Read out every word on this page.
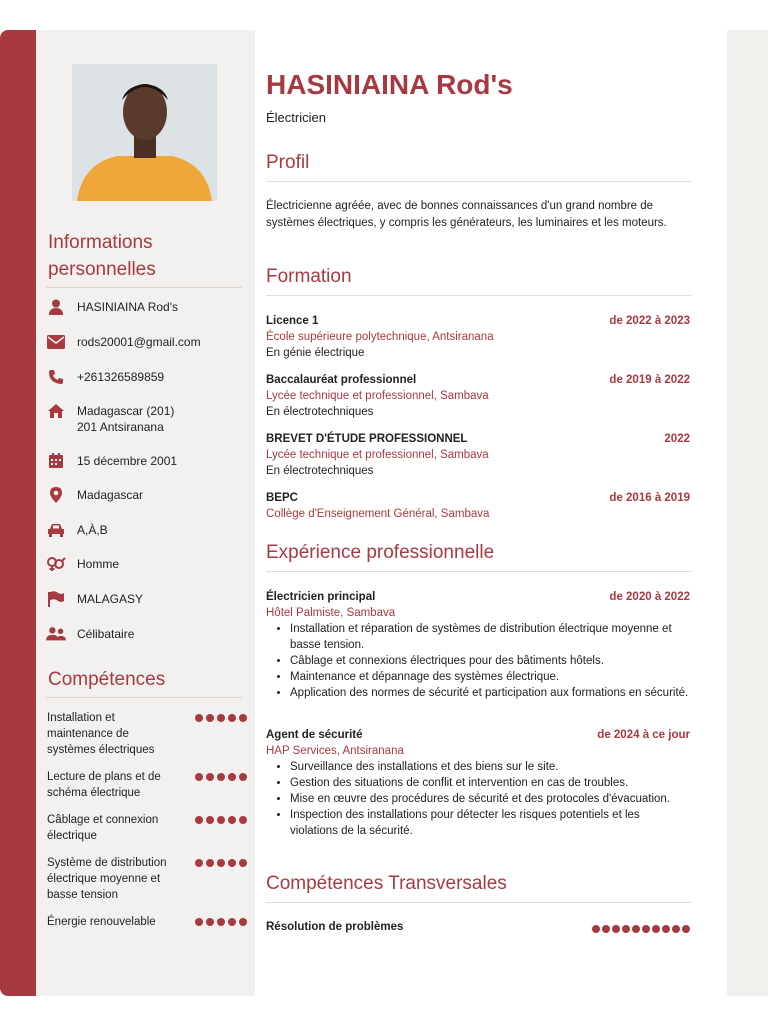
Informations
personnelles
HASINIAINA Rod's
rods20001@gmail.com
+261326589859
Madagascar (201)
201 Antsiranana
15 décembre 2001
Madagascar
A,À,B
Homme
MALAGASY
Célibataire
Compétences
Installation et maintenance de systèmes électriques
Lecture de plans et de schéma électrique
Câblage et connexion électrique
Système de distribution électrique moyenne et basse tension
Énergie renouvelable
HASINIAINA Rod's
Électricien
Profil
Électricienne agréée, avec de bonnes connaissances d'un grand nombre de systèmes électriques, y compris les générateurs, les luminaires et les moteurs.
Formation
Licence 1	de 2022 à 2023
École supérieure polytechnique, Antsiranana
En génie électrique
Baccalauréat professionnel	de 2019 à 2022
Lycée technique et professionnel, Sambava
En électrotechniques
BREVET D'ÉTUDE PROFESSIONNEL	2022
Lycée technique et professionnel, Sambava
En électrotechniques
BEPC	de 2016 à 2019
Collège d'Enseignement Général, Sambava
Expérience professionnelle
Électricien principal	de 2020 à 2022
Hôtel Palmiste, Sambava
• Installation et réparation de systèmes de distribution électrique moyenne et basse tension.
• Câblage et connexions électriques pour des bâtiments hôtels.
• Maintenance et dépannage des systèmes électrique.
• Application des normes de sécurité et participation aux formations en sécurité.
Agent de sécurité	de 2024 à ce jour
HAP Services, Antsiranana
• Surveillance des installations et des biens sur le site.
• Gestion des situations de conflit et intervention en cas de troubles.
• Mise en œuvre des procédures de sécurité et des protocoles d'évacuation.
• Inspection des installations pour détecter les risques potentiels et les violations de la sécurité.
Compétences Transversales
Résolution de problèmes
